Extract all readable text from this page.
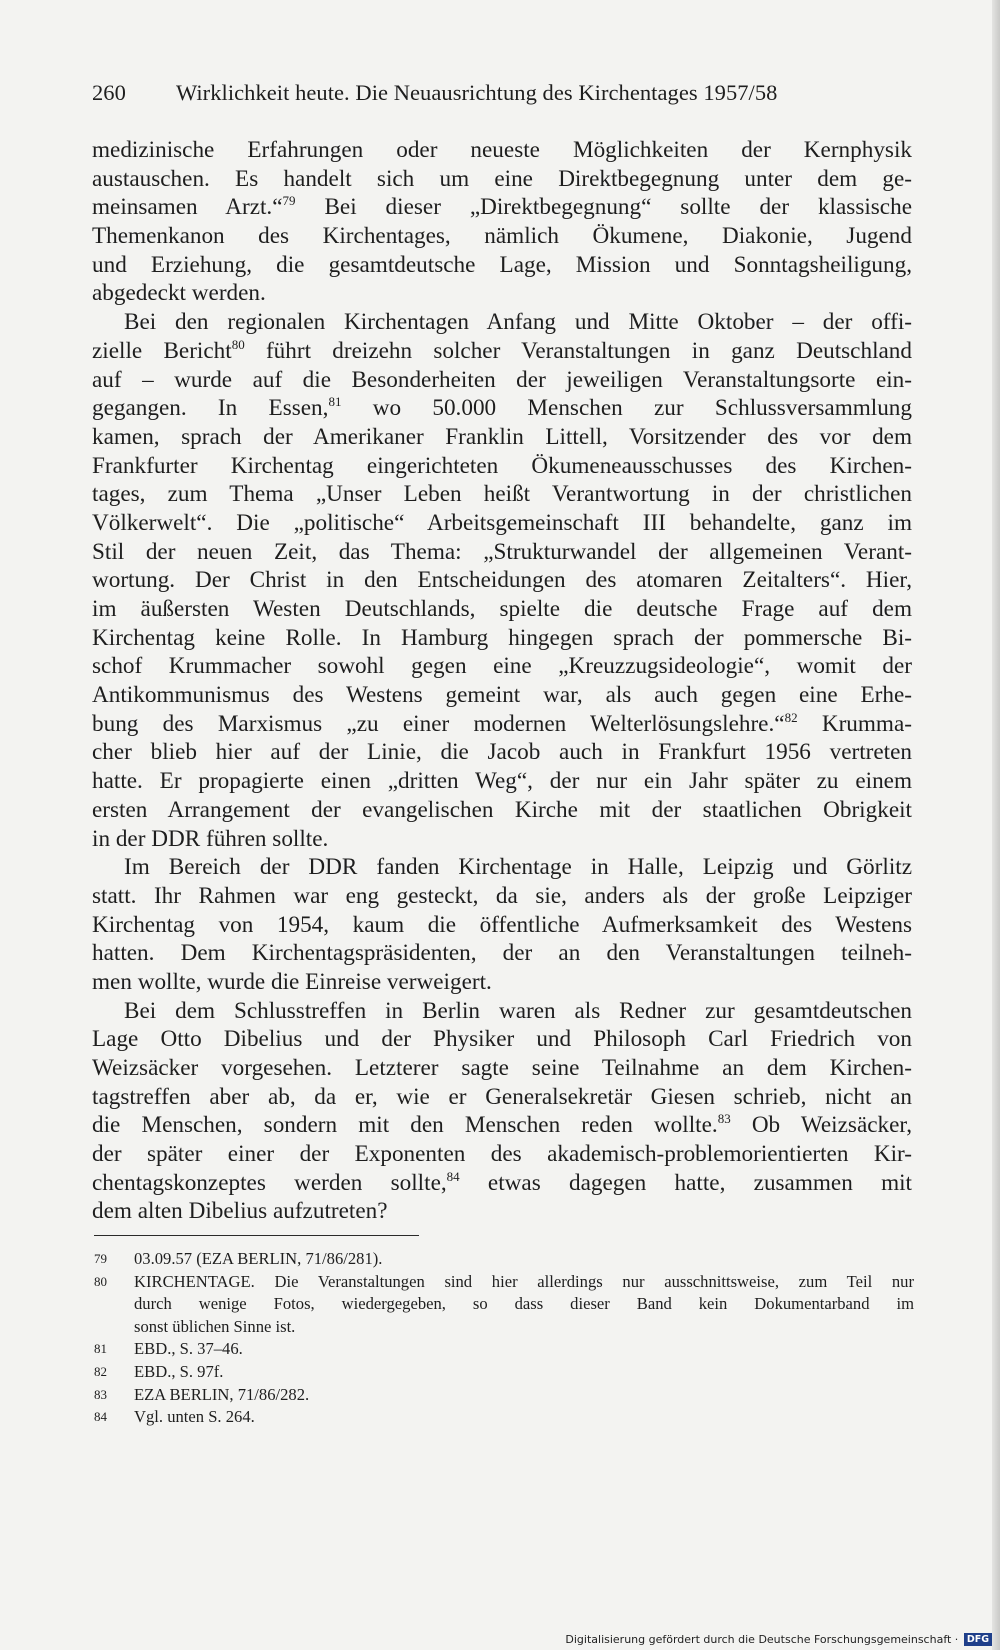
260 Wirklichkeit heute. Die Neuausrichtung des Kirchentages 1957/58
medizinische Erfahrungen oder neueste Möglichkeiten der Kernphysik
austauschen. Es handelt sich um eine Direktbegegnung unter dem ge-
meinsamen Arzt.“$^{79}$ Bei dieser „Direktbegegnung“ sollte der klassische
Themenkanon des Kirchentages, nämlich Ökumene, Diakonie, Jugend
und Erziehung, die gesamtdeutsche Lage, Mission und Sonntagsheiligung,
abgedeckt werden.
Bei den regionalen Kirchentagen Anfang und Mitte Oktober – der offi-
zielle Bericht$^{80}$ führt dreizehn solcher Veranstaltungen in ganz Deutschland
auf – wurde auf die Besonderheiten der jeweiligen Veranstaltungsorte ein-
gegangen. In Essen,$^{81}$ wo 50.000 Menschen zur Schlussversammlung
kamen, sprach der Amerikaner Franklin Littell, Vorsitzender des vor dem
Frankfurter Kirchentag eingerichteten Ökumeneausschusses des Kirchen-
tages, zum Thema „Unser Leben heißt Verantwortung in der christlichen
Völkerwelt“. Die „politische“ Arbeitsgemeinschaft III behandelte, ganz im
Stil der neuen Zeit, das Thema: „Strukturwandel der allgemeinen Verant-
wortung. Der Christ in den Entscheidungen des atomaren Zeitalters“. Hier,
im äußersten Westen Deutschlands, spielte die deutsche Frage auf dem
Kirchentag keine Rolle. In Hamburg hingegen sprach der pommersche Bi-
schof Krummacher sowohl gegen eine „Kreuzzugsideologie“, womit der
Antikommunismus des Westens gemeint war, als auch gegen eine Erhe-
bung des Marxismus „zu einer modernen Welterlösungslehre.“$^{82}$ Krumma-
cher blieb hier auf der Linie, die Jacob auch in Frankfurt 1956 vertreten
hatte. Er propagierte einen „dritten Weg“, der nur ein Jahr später zu einem
ersten Arrangement der evangelischen Kirche mit der staatlichen Obrigkeit
in der DDR führen sollte.
Im Bereich der DDR fanden Kirchentage in Halle, Leipzig und Görlitz
statt. Ihr Rahmen war eng gesteckt, da sie, anders als der große Leipziger
Kirchentag von 1954, kaum die öffentliche Aufmerksamkeit des Westens
hatten. Dem Kirchentagspräsidenten, der an den Veranstaltungen teilneh-
men wollte, wurde die Einreise verweigert.
Bei dem Schlusstreffen in Berlin waren als Redner zur gesamtdeutschen
Lage Otto Dibelius und der Physiker und Philosoph Carl Friedrich von
Weizsäcker vorgesehen. Letzterer sagte seine Teilnahme an dem Kirchen-
tagstreffen aber ab, da er, wie er Generalsekretär Giesen schrieb, nicht an
die Menschen, sondern mit den Menschen reden wollte.$^{83}$ Ob Weizsäcker,
der später einer der Exponenten des akademisch-problemorientierten Kir-
chentagskonzeptes werden sollte,$^{84}$ etwas dagegen hatte, zusammen mit
dem alten Dibelius aufzutreten?
79 03.09.57 (EZA BERLIN, 71/86/281).
80 KIRCHENTAGE. Die Veranstaltungen sind hier allerdings nur ausschnittsweise, zum Teil nur
durch wenige Fotos, wiedergegeben, so dass dieser Band kein Dokumentarband im
sonst üblichen Sinne ist.
81 EBD., S. 37–46.
82 EBD., S. 97f.
83 EZA BERLIN, 71/86/282.
84 Vgl. unten S. 264.
Digitalisierung gefördert durch die Deutsche Forschungsgemeinschaft · DFG
